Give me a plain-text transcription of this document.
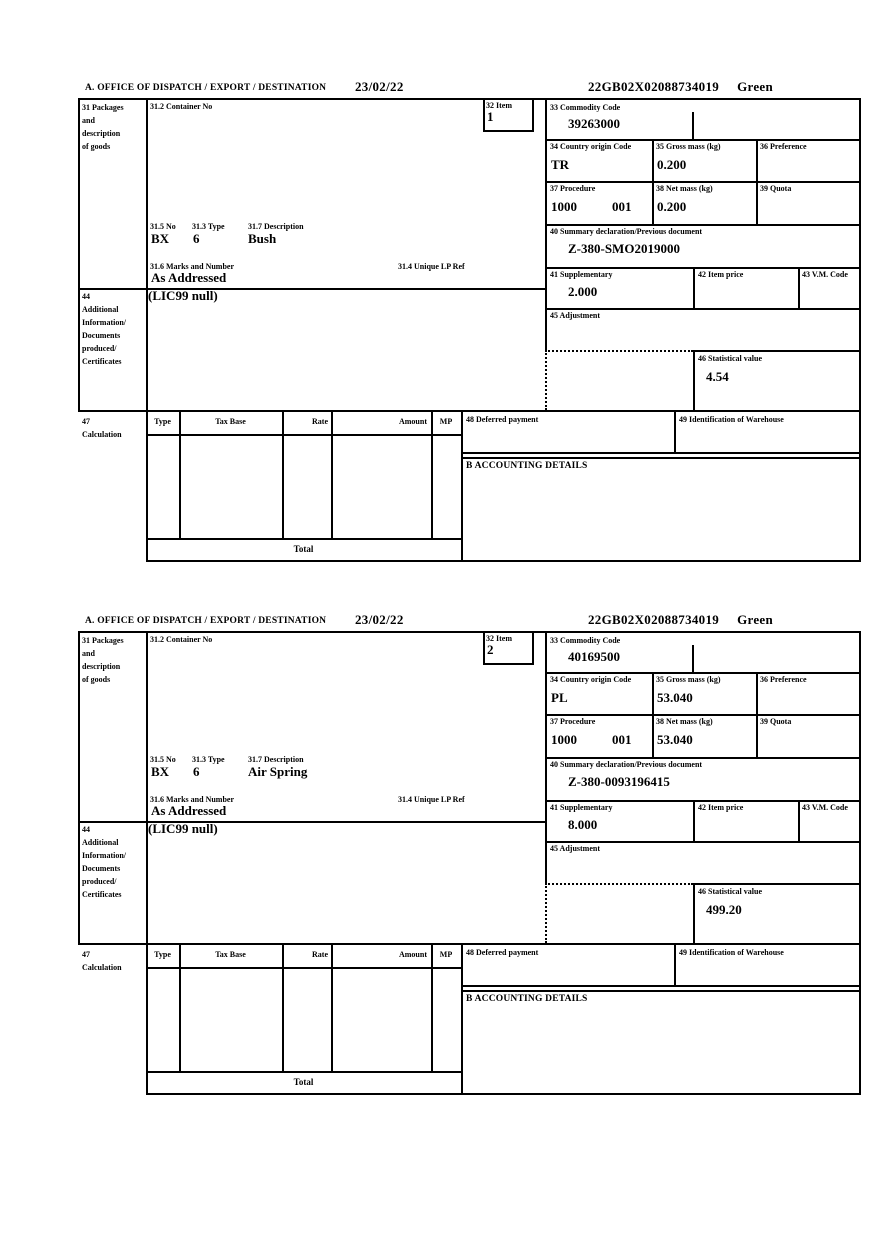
A. OFFICE OF DISPATCH / EXPORT / DESTINATION 23/02/22	22GB02X02088734019 Green
31 Packages
and
description
of goods
44
Additional
Information/
Documents
produced/
Certificates
47
Calculation
31.2 Container No	32 Item
1
31.5 No 31.3 Type	31.7 Description
BX 6	Bush
31.6 Marks and Number	31.4 Unique LP Ref
As Addressed
(LIC99 null)
33 Commodity Code
39263000
34 Country origin Code
TR
35 Gross mass (kg)
0.200
36 Preference
37 Procedure
1000	001
38 Net mass (kg)
0.200
39 Quota
40 Summary declaration/Previous document
Z-380-SMO2019000
41 Supplementary
2.000
42 Item price	43 V.M. Code
45 Adjustment
46 Statistical value
4.54
Type	Tax Base	Rate	Amount	MP
Total
48 Deferred payment	49 Identification of Warehouse
B ACCOUNTING DETAILS
A. OFFICE OF DISPATCH / EXPORT / DESTINATION 23/02/22	22GB02X02088734019 Green
31 Packages
and
description
of goods
44
Additional
Information/
Documents
produced/
Certificates
47
Calculation
31.2 Container No	32 Item
2
31.5 No 31.3 Type	31.7 Description
BX 6	Air Spring
31.6 Marks and Number	31.4 Unique LP Ref
As Addressed
(LIC99 null)
33 Commodity Code
40169500
34 Country origin Code
PL
35 Gross mass (kg)
53.040
36 Preference
37 Procedure
1000	001
38 Net mass (kg)
53.040
39 Quota
40 Summary declaration/Previous document
Z-380-0093196415
41 Supplementary
8.000
42 Item price	43 V.M. Code
45 Adjustment
46 Statistical value
499.20
Type	Tax Base	Rate	Amount	MP
Total
48 Deferred payment	49 Identification of Warehouse
B ACCOUNTING DETAILS
